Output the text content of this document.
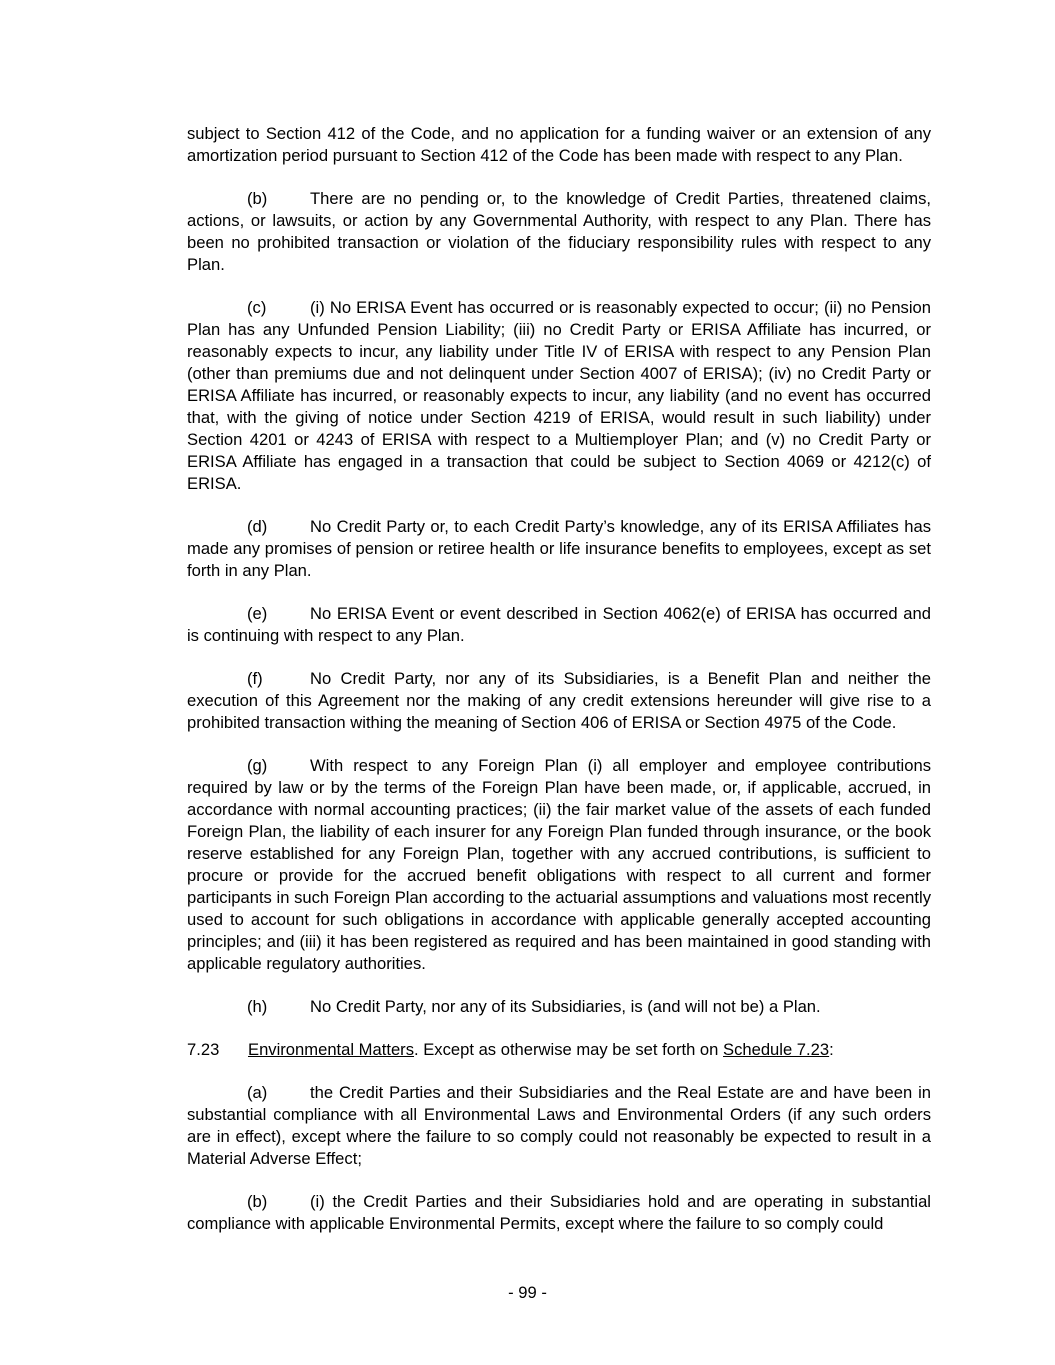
subject to Section 412 of the Code, and no application for a funding waiver or an extension of any amortization period pursuant to Section 412 of the Code has been made with respect to any Plan.

(b)	There are no pending or, to the knowledge of Credit Parties, threatened claims, actions, or lawsuits, or action by any Governmental Authority, with respect to any Plan. There has been no prohibited transaction or violation of the fiduciary responsibility rules with respect to any Plan.

(c)	(i) No ERISA Event has occurred or is reasonably expected to occur; (ii) no Pension Plan has any Unfunded Pension Liability; (iii) no Credit Party or ERISA Affiliate has incurred, or reasonably expects to incur, any liability under Title IV of ERISA with respect to any Pension Plan (other than premiums due and not delinquent under Section 4007 of ERISA); (iv) no Credit Party or ERISA Affiliate has incurred, or reasonably expects to incur, any liability (and no event has occurred that, with the giving of notice under Section 4219 of ERISA, would result in such liability) under Section 4201 or 4243 of ERISA with respect to a Multiemployer Plan; and (v) no Credit Party or ERISA Affiliate has engaged in a transaction that could be subject to Section 4069 or 4212(c) of ERISA.

(d)	No Credit Party or, to each Credit Party’s knowledge, any of its ERISA Affiliates has made any promises of pension or retiree health or life insurance benefits to employees, except as set forth in any Plan.

(e)	No ERISA Event or event described in Section 4062(e) of ERISA has occurred and is continuing with respect to any Plan.

(f)	No Credit Party, nor any of its Subsidiaries, is a Benefit Plan and neither the execution of this Agreement nor the making of any credit extensions hereunder will give rise to a prohibited transaction withing the meaning of Section 406 of ERISA or Section 4975 of the Code.

(g)	With respect to any Foreign Plan (i) all employer and employee contributions required by law or by the terms of the Foreign Plan have been made, or, if applicable, accrued, in accordance with normal accounting practices; (ii) the fair market value of the assets of each funded Foreign Plan, the liability of each insurer for any Foreign Plan funded through insurance, or the book reserve established for any Foreign Plan, together with any accrued contributions, is sufficient to procure or provide for the accrued benefit obligations with respect to all current and former participants in such Foreign Plan according to the actuarial assumptions and valuations most recently used to account for such obligations in accordance with applicable generally accepted accounting principles; and (iii) it has been registered as required and has been maintained in good standing with applicable regulatory authorities.

(h)	No Credit Party, nor any of its Subsidiaries, is (and will not be) a Plan.

7.23 Environmental Matters. Except as otherwise may be set forth on Schedule 7.23:

(a)	the Credit Parties and their Subsidiaries and the Real Estate are and have been in substantial compliance with all Environmental Laws and Environmental Orders (if any such orders are in effect), except where the failure to so comply could not reasonably be expected to result in a Material Adverse Effect;

(b)	(i) the Credit Parties and their Subsidiaries hold and are operating in substantial compliance with applicable Environmental Permits, except where the failure to so comply could

- 99 -
